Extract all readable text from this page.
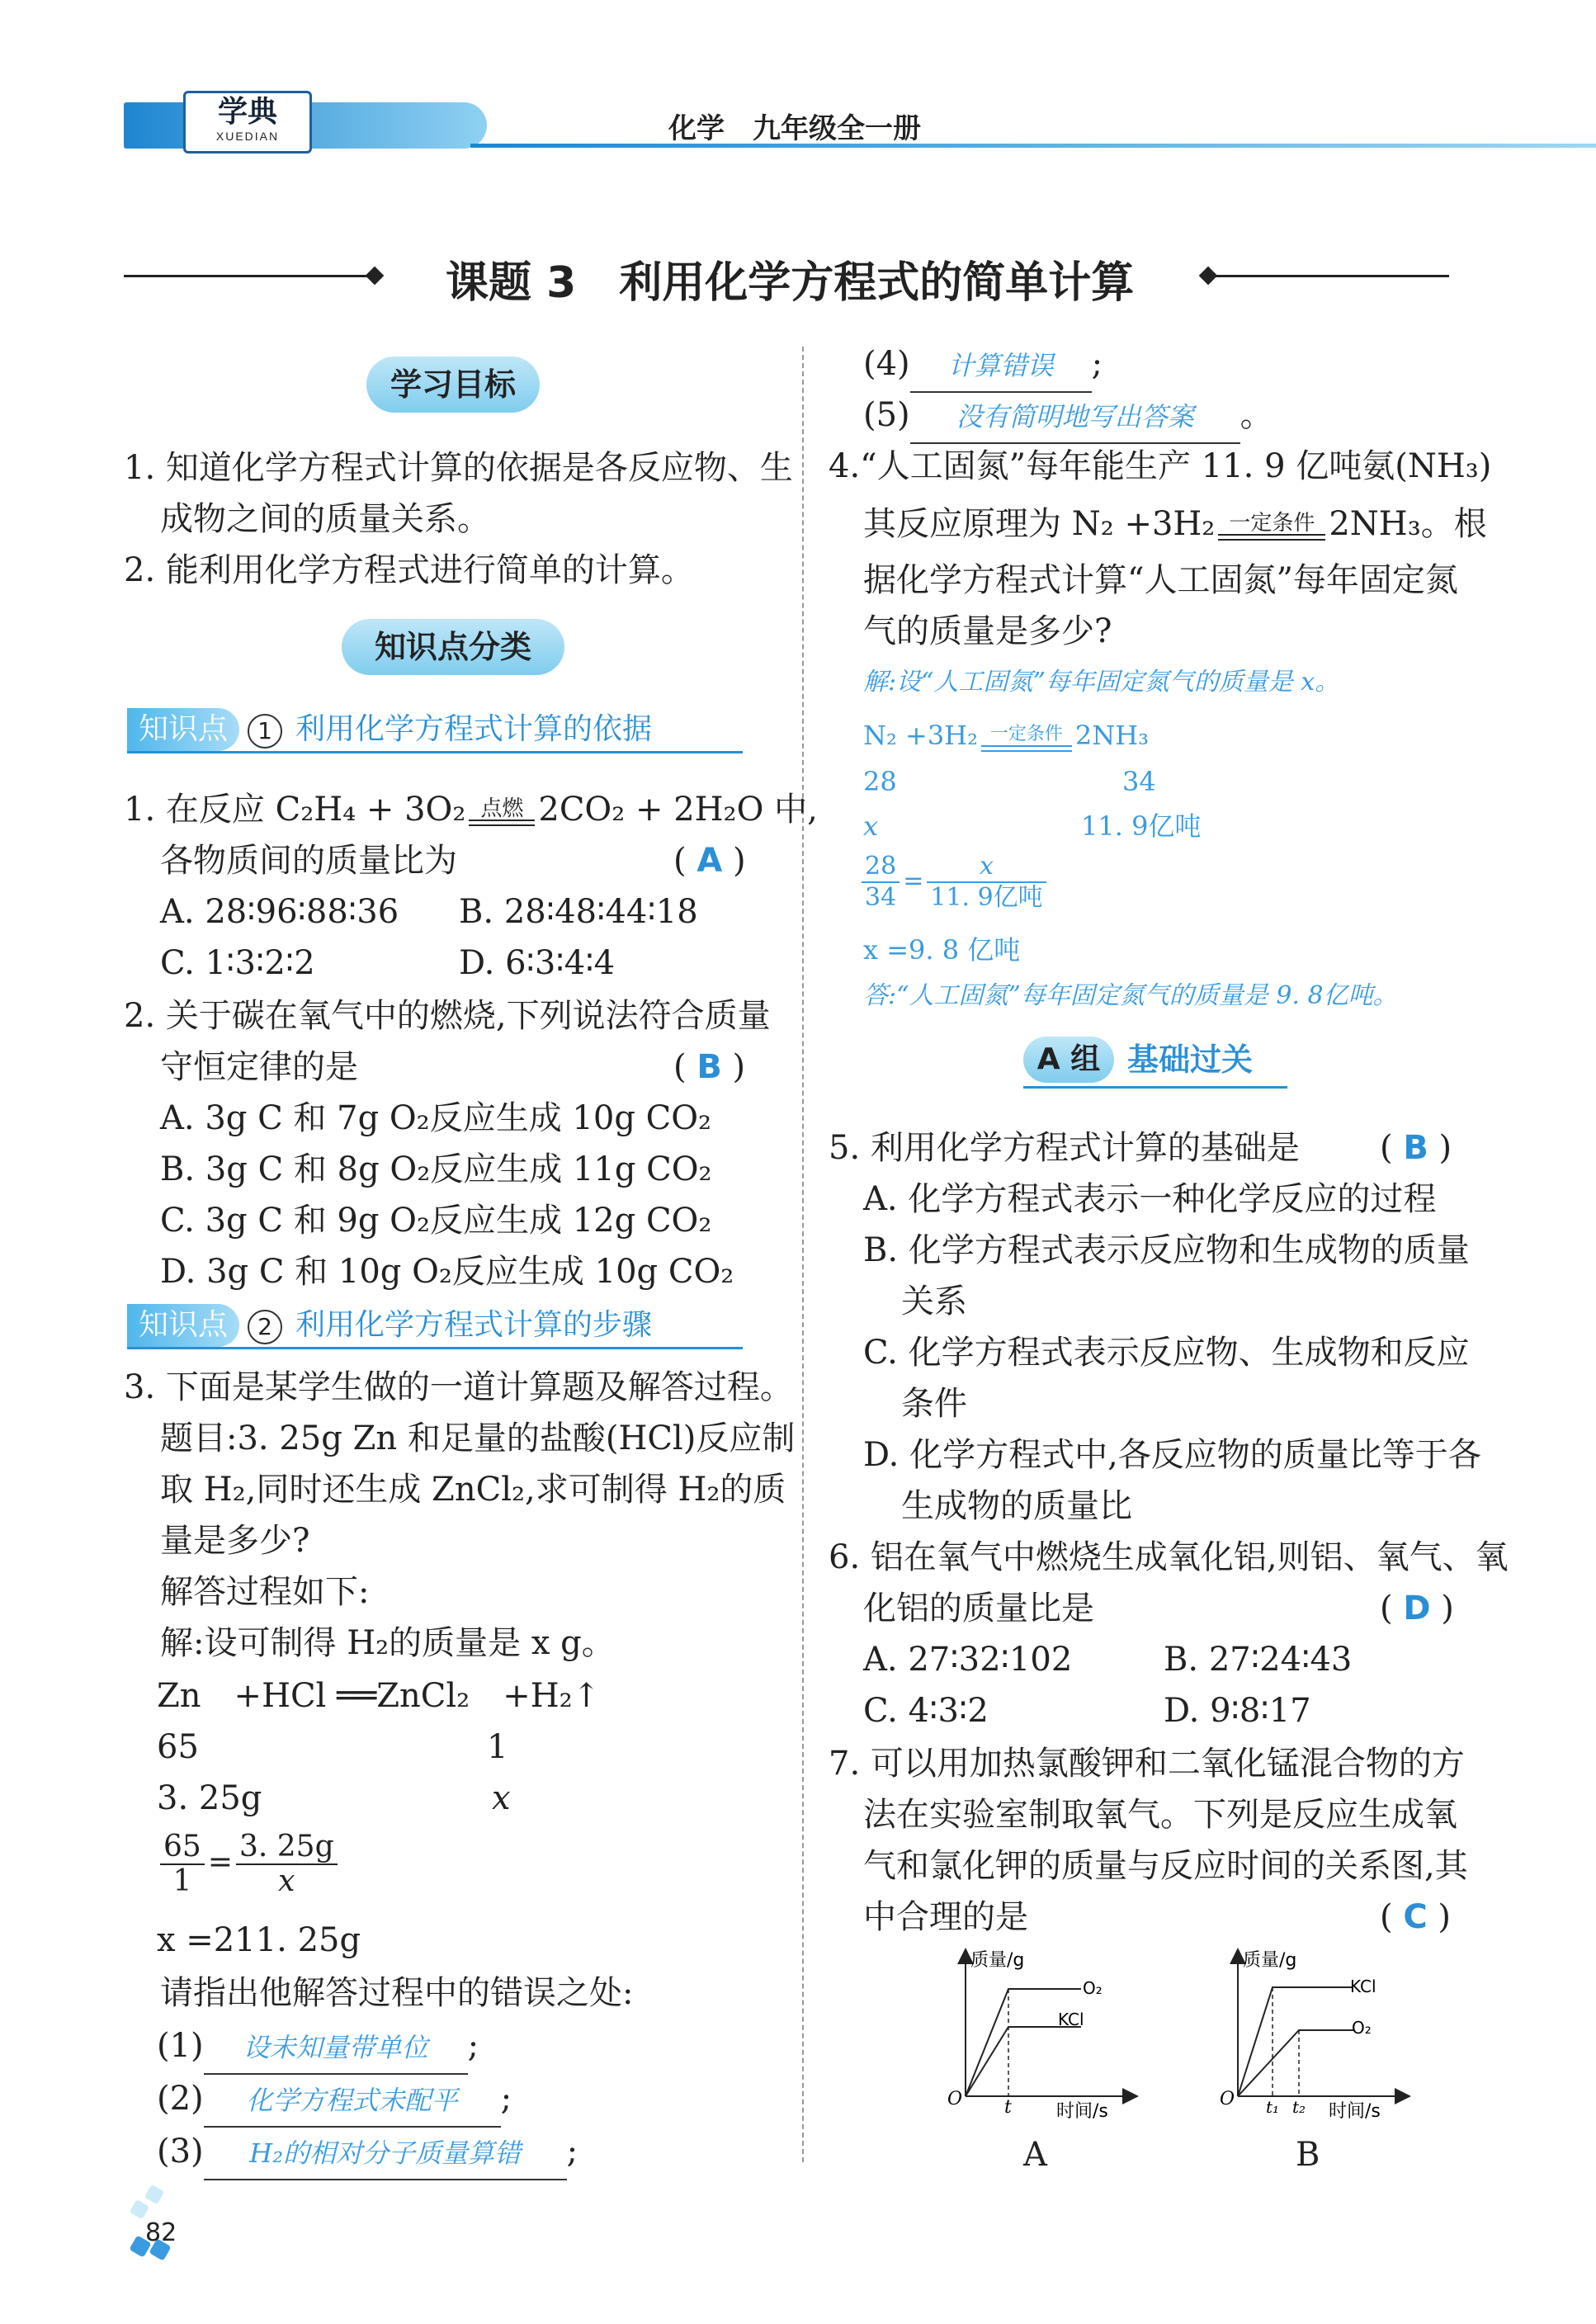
学典
XUEDIAN	化学　九年级全一册
课题 3　利用化学方程式的简单计算
学习目标
1. 知道化学方程式计算的依据是各反应物、生
成物之间的质量关系。
2. 能利用化学方程式进行简单的计算。
知识点分类
知识点 1 利用化学方程式计算的依据
1. 在反应 C₂H₄ + 3O₂ 点燃 2CO₂ + 2H₂O 中,
各物质间的质量比为	( A )
A. 28∶96∶88∶36 B. 28∶48∶44∶18
C. 1∶3∶2∶2	D. 6∶3∶4∶4
2. 关于碳在氧气中的燃烧,下列说法符合质量
守恒定律的是	( B )
A. 3g C 和 7g O₂反应生成 10g CO₂
B. 3g C 和 8g O₂反应生成 11g CO₂
C. 3g C 和 9g O₂反应生成 12g CO₂
D. 3g C 和 10g O₂反应生成 10g CO₂
知识点 2 利用化学方程式计算的步骤
3. 下面是某学生做的一道计算题及解答过程。
题目:3. 25g Zn 和足量的盐酸(HCl)反应制
取 H₂,同时还生成 ZnCl₂,求可制得 H₂的质
量是多少?
解答过程如下:
解:设可制得 H₂的质量是 x g。
Zn　+HCl ══ZnCl₂　+H₂↑
65	1
3. 25g	x
$\frac{65}{1} = \frac{3. 25g}{x}$
x =211. 25g
请指出他解答过程中的错误之处:
(1) 设未知量带单位 ;
(2) 化学方程式未配平 ;
(3) H₂的相对分子质量算错 ;
(4) 计算错误 ;
(5) 没有简明地写出答案 。
4.“人工固氮”每年能生产 11. 9 亿吨氨(NH₃)
其反应原理为 N₂ +3H₂ 一定条件 2NH₃。根
据化学方程式计算“人工固氮”每年固定氮
气的质量是多少?
解:设“人工固氮”每年固定氮气的质量是 x。
N₂ +3H₂ 一定条件 2NH₃
28	34
x	11. 9亿吨
$\frac{28}{34} = \frac{x}{\text{11. 9亿吨}}$
x =9. 8 亿吨
答:“人工固氮”每年固定氮气的质量是 9. 8亿吨。
A 组 基础过关
5. 利用化学方程式计算的基础是 ( B )
A. 化学方程式表示一种化学反应的过程
B. 化学方程式表示反应物和生成物的质量
关系
C. 化学方程式表示反应物、生成物和反应
条件
D. 化学方程式中,各反应物的质量比等于各
生成物的质量比
6. 铝在氧气中燃烧生成氧化铝,则铝、氧气、氧
化铝的质量比是	( D )
A. 27∶32∶102	B. 27∶24∶43
C. 4∶3∶2	D. 9∶8∶17
7. 可以用加热氯酸钾和二氧化锰混合物的方
法在实验室制取氧气。下列是反应生成氧
气和氯化钾的质量与反应时间的关系图,其
中合理的是	( C )
质量/g
O₂
KCl
O t 时间/s
A
质量/g
KCl
O₂
O t₁ t₂ 时间/s
B
82
